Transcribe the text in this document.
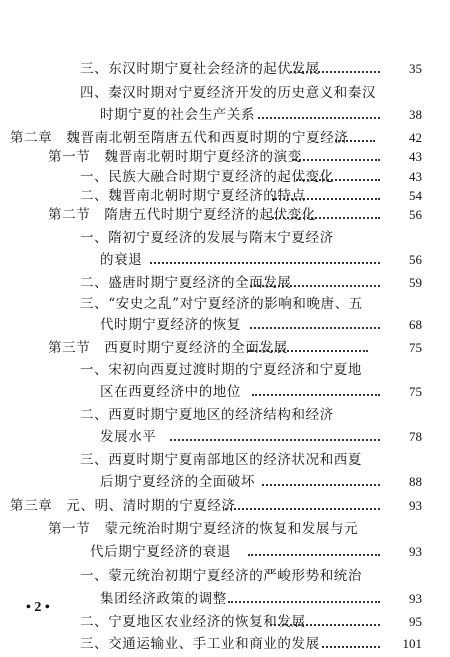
三、东汉时期宁夏社会经济的起伏发展	35
四、秦汉时期对宁夏经济开发的历史意义和秦汉
时期宁夏的社会生产关系	38
第二章　魏晋南北朝至隋唐五代和西夏时期的宁夏经济	42
第一节　魏晋南北朝时期宁夏经济的演变	43
一、民族大融合时期宁夏经济的起伏变化	43
二、魏晋南北朝时期宁夏经济的特点	54
第二节　隋唐五代时期宁夏经济的起伏变化	56
一、隋初宁夏经济的发展与隋末宁夏经济
的衰退	56
二、盛唐时期宁夏经济的全面发展	59
三、“安史之乱”对宁夏经济的影响和晚唐、五
代时期宁夏经济的恢复	68
第三节　西夏时期宁夏经济的全面发展	75
一、宋初向西夏过渡时期的宁夏经济和宁夏地
区在西夏经济中的地位	75
二、西夏时期宁夏地区的经济结构和经济
发展水平	78
三、西夏时期宁夏南部地区的经济状况和西夏
后期宁夏经济的全面破坏	88
第三章　元、明、清时期的宁夏经济	93
第一节　蒙元统治时期宁夏经济的恢复和发展与元
代后期宁夏经济的衰退	93
一、蒙元统治初期宁夏经济的严峻形势和统治
集团经济政策的调整	93
二、宁夏地区农业经济的恢复和发展	95
三、交通运输业、手工业和商业的发展	101
• 2 •
